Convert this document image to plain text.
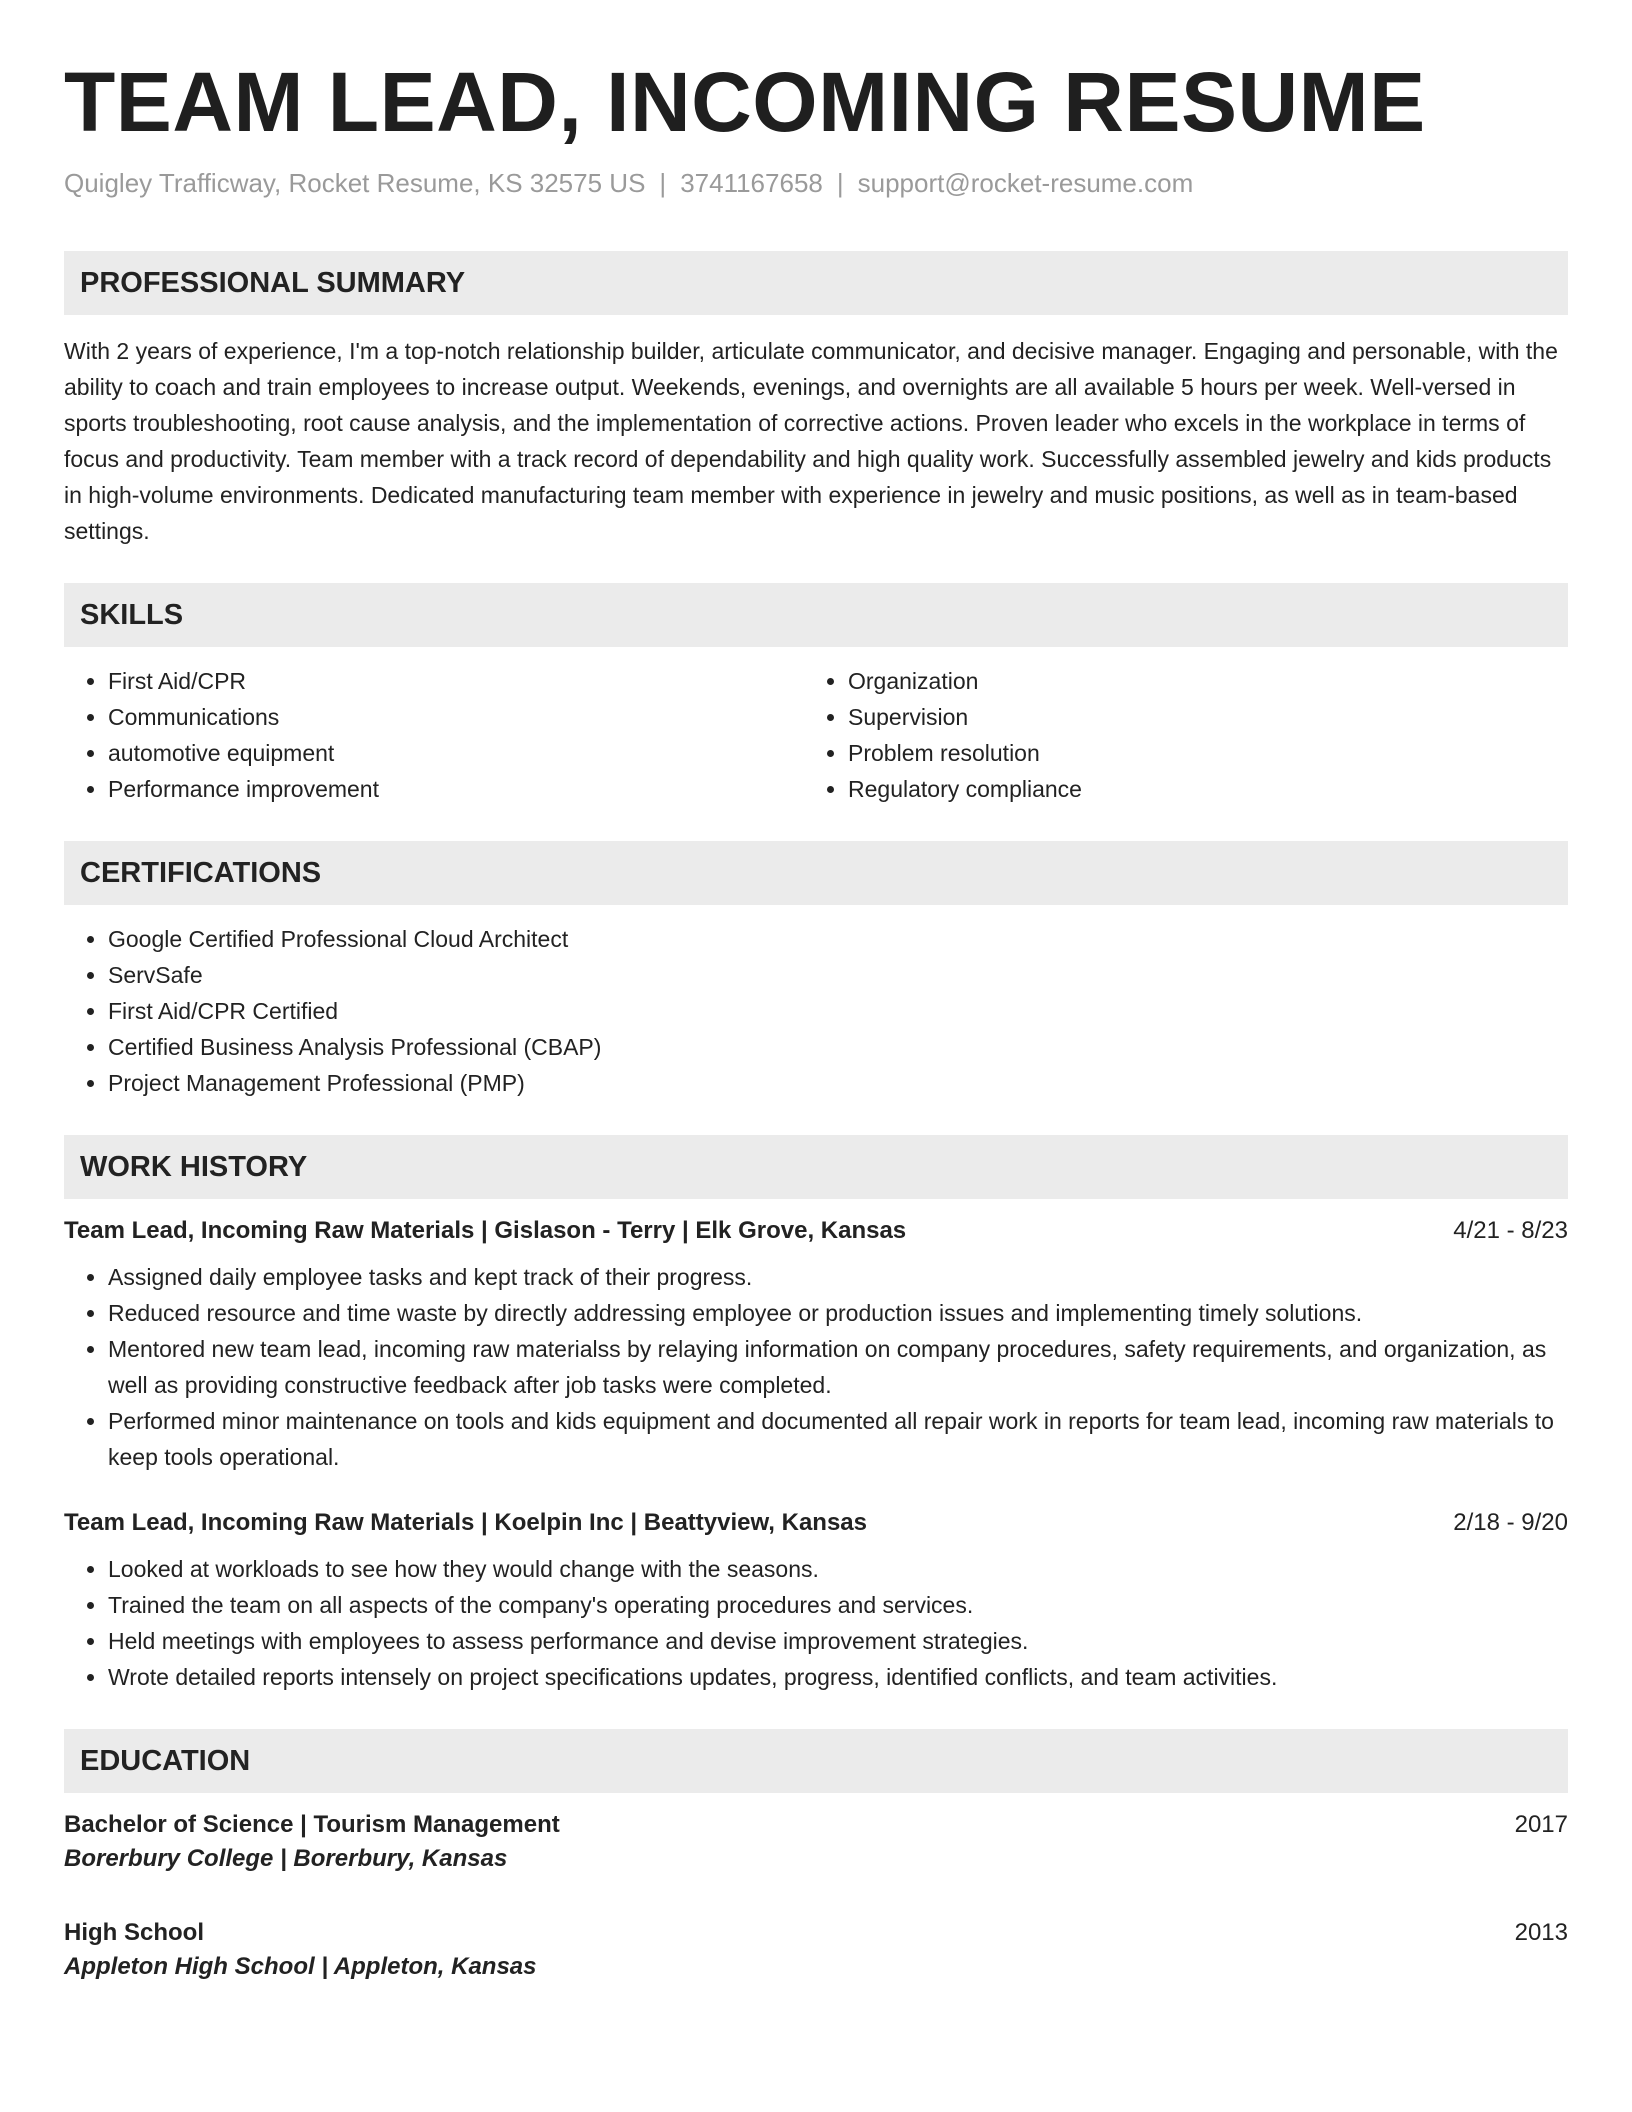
TEAM LEAD, INCOMING RESUME
Quigley Trafficway, Rocket Resume, KS 32575 US | 3741167658 | support@rocket-resume.com
PROFESSIONAL SUMMARY
With 2 years of experience, I'm a top-notch relationship builder, articulate communicator, and decisive manager. Engaging and personable, with the ability to coach and train employees to increase output. Weekends, evenings, and overnights are all available 5 hours per week. Well-versed in sports troubleshooting, root cause analysis, and the implementation of corrective actions. Proven leader who excels in the workplace in terms of focus and productivity. Team member with a track record of dependability and high quality work. Successfully assembled jewelry and kids products in high-volume environments. Dedicated manufacturing team member with experience in jewelry and music positions, as well as in team-based settings.
SKILLS
• First Aid/CPR
• Communications
• automotive equipment
• Performance improvement
• Organization
• Supervision
• Problem resolution
• Regulatory compliance
CERTIFICATIONS
• Google Certified Professional Cloud Architect
• ServSafe
• First Aid/CPR Certified
• Certified Business Analysis Professional (CBAP)
• Project Management Professional (PMP)
WORK HISTORY
Team Lead, Incoming Raw Materials | Gislason - Terry | Elk Grove, Kansas	4/21 - 8/23
• Assigned daily employee tasks and kept track of their progress.
• Reduced resource and time waste by directly addressing employee or production issues and implementing timely solutions.
• Mentored new team lead, incoming raw materialss by relaying information on company procedures, safety requirements, and organization, as well as providing constructive feedback after job tasks were completed.
• Performed minor maintenance on tools and kids equipment and documented all repair work in reports for team lead, incoming raw materials to keep tools operational.
Team Lead, Incoming Raw Materials | Koelpin Inc | Beattyview, Kansas	2/18 - 9/20
• Looked at workloads to see how they would change with the seasons.
• Trained the team on all aspects of the company's operating procedures and services.
• Held meetings with employees to assess performance and devise improvement strategies.
• Wrote detailed reports intensely on project specifications updates, progress, identified conflicts, and team activities.
EDUCATION
Bachelor of Science | Tourism Management	2017
Borerbury College | Borerbury, Kansas
High School	2013
Appleton High School | Appleton, Kansas
